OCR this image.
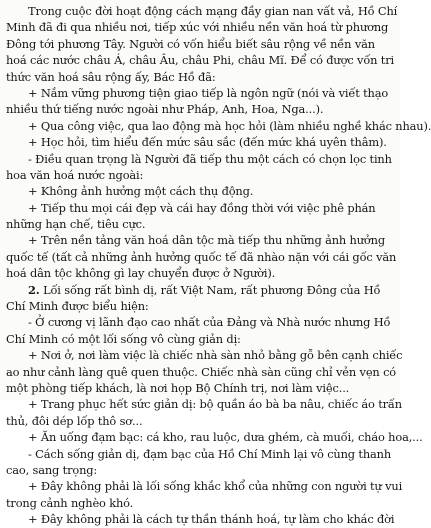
Trong cuộc đời hoạt động cách mạng đầy gian nan vất vả, Hồ Chí
Minh đã đi qua nhiều nơi, tiếp xúc với nhiều nền văn hoá từ phương
Đông tới phương Tây. Người có vốn hiểu biết sâu rộng về nền văn
hoá các nước châu Á, châu Âu, châu Phi, châu Mĩ. Để có được vốn tri
thức văn hoá sâu rộng ấy, Bác Hồ đã:
+ Nắm vững phương tiện giao tiếp là ngôn ngữ (nói và viết thạo
nhiều thứ tiếng nước ngoài như Pháp, Anh, Hoa, Nga...).
+ Qua công việc, qua lao động mà học hỏi (làm nhiều nghề khác nhau).
+ Học hỏi, tìm hiểu đến mức sâu sắc (đến mức khá uyên thâm).
- Điều quan trọng là Người đã tiếp thu một cách có chọn lọc tinh
hoa văn hoá nước ngoài:
+ Không ảnh hưởng một cách thụ động.
+ Tiếp thu mọi cái đẹp và cái hay đồng thời với việc phê phán
những hạn chế, tiêu cực.
+ Trên nền tảng văn hoá dân tộc mà tiếp thu những ảnh hưởng
quốc tế (tất cả những ảnh hưởng quốc tế đã nhào nặn với cái gốc văn
hoá dân tộc không gì lay chuyển được ở Người).
2. Lối sống rất bình dị, rất Việt Nam, rất phương Đông của Hồ
Chí Minh được biểu hiện:
- Ở cương vị lãnh đạo cao nhất của Đảng và Nhà nước nhưng Hồ
Chí Minh có một lối sống vô cùng giản dị:
+ Nơi ở, nơi làm việc là chiếc nhà sàn nhỏ bằng gỗ bên cạnh chiếc
ao như cảnh làng quê quen thuộc. Chiếc nhà sàn cũng chỉ vẻn vẹn có
một phòng tiếp khách, là nơi họp Bộ Chính trị, nơi làm việc...
+ Trang phục hết sức giản dị: bộ quần áo bà ba nâu, chiếc áo trấn
thủ, đôi dép lốp thô sơ...
+ Ăn uống đạm bạc: cá kho, rau luộc, dưa ghém, cà muối, cháo hoa,...
- Cách sống giản dị, đạm bạc của Hồ Chí Minh lại vô cùng thanh
cao, sang trọng:
+ Đây không phải là lối sống khắc khổ của những con người tự vui
trong cảnh nghèo khó.
+ Đây không phải là cách tự thần thánh hoá, tự làm cho khác đời
